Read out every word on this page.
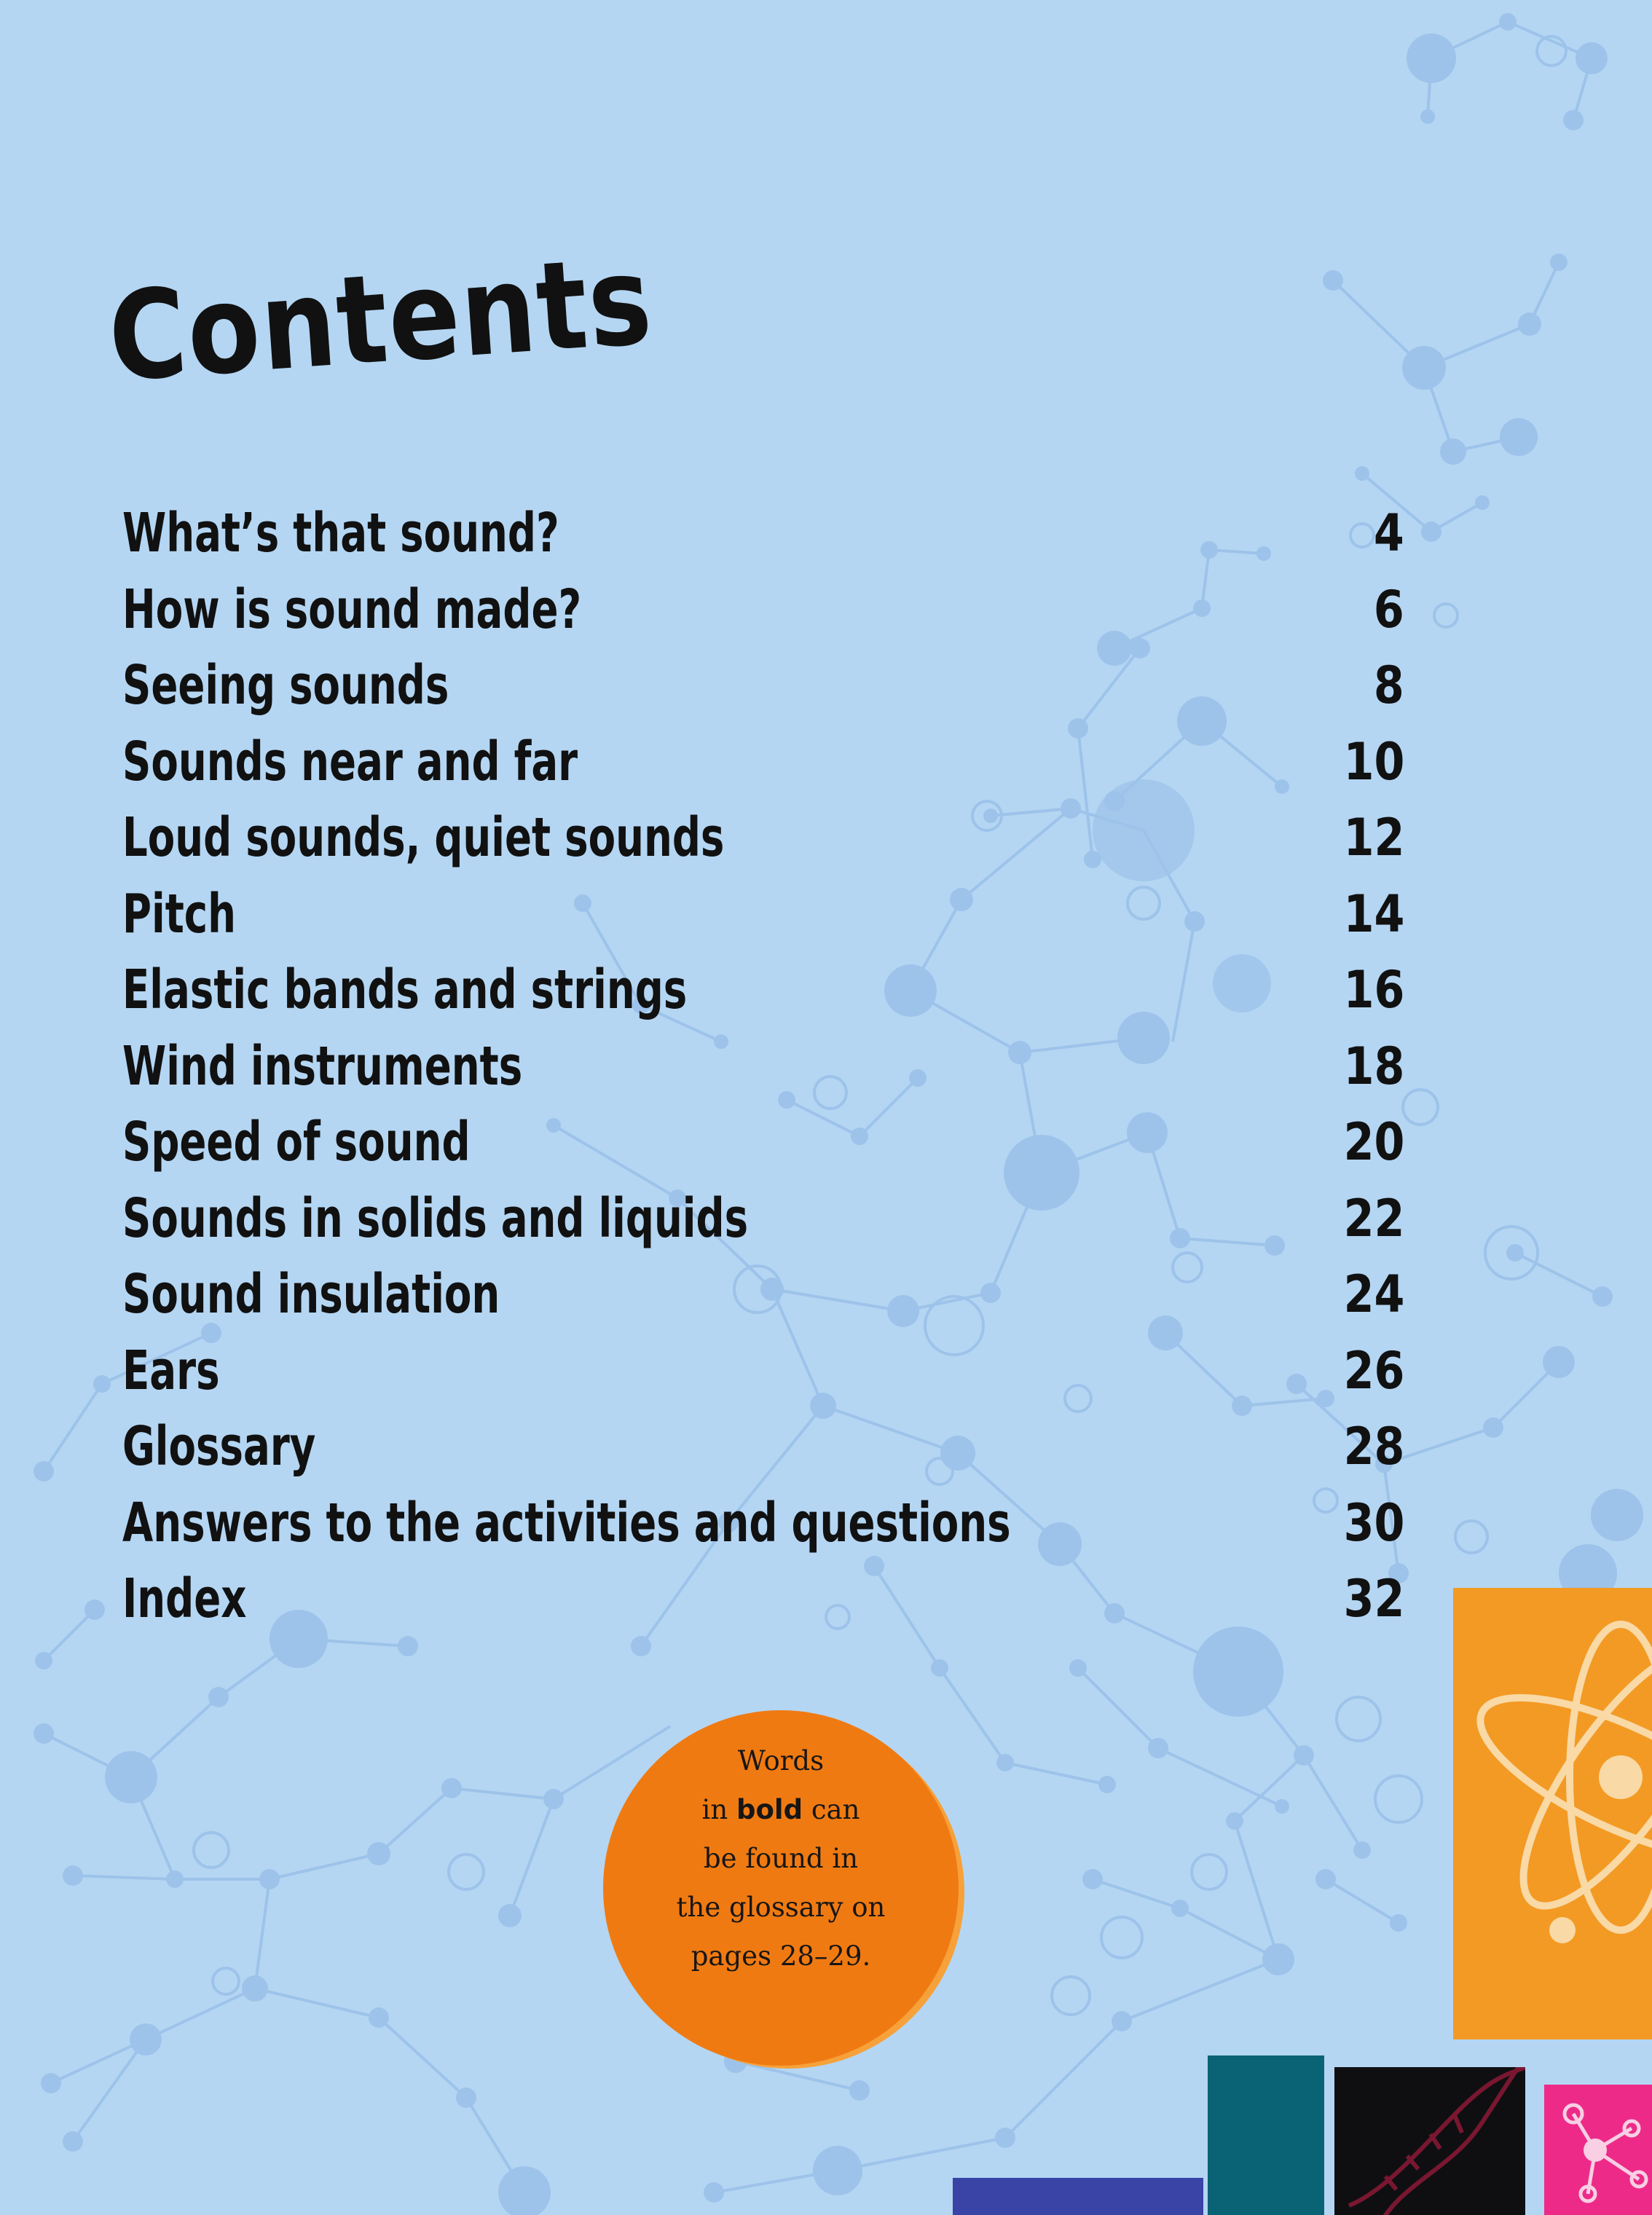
Contents
What’s that sound?	4
How is sound made?	6
Seeing sounds	8
Sounds near and far	10
Loud sounds, quiet sounds	12
Pitch	14
Elastic bands and strings	16
Wind instruments	18
Speed of sound	20
Sounds in solids and liquids	22
Sound insulation	24
Ears	26
Glossary	28
Answers to the activities and questions	30
Index	32
Words
in bold can
be found in
the glossary on
pages 28–29.
